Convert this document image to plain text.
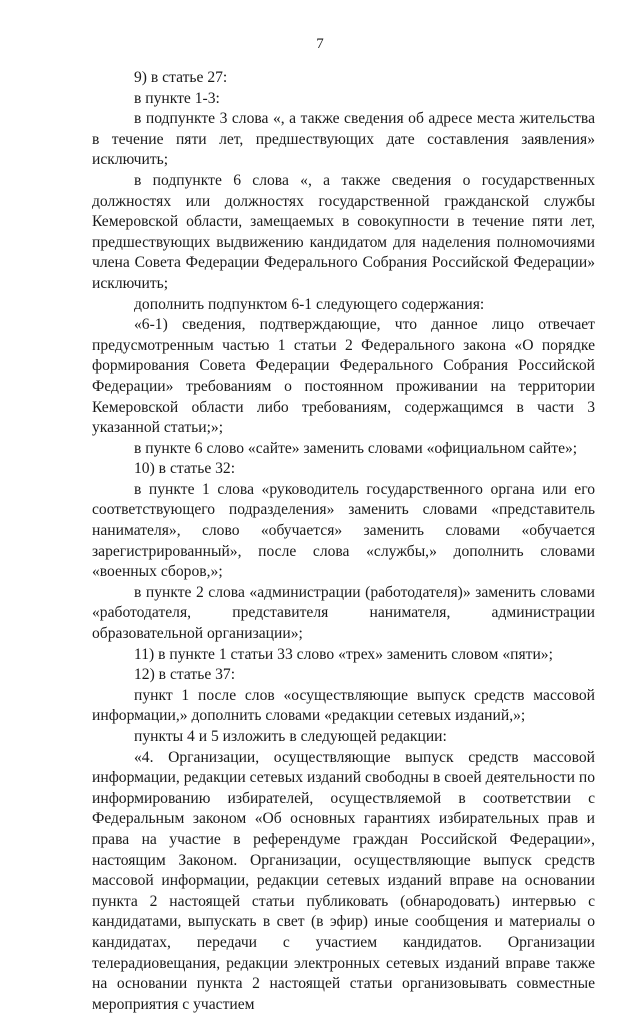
7

9) в статье 27:

в пункте 1-3:

в подпункте 3 слова «, а также сведения об адресе места жительства в течение пяти лет, предшествующих дате составления заявления» исключить;

в подпункте 6 слова «, а также сведения о государственных должностях или должностях государственной гражданской службы Кемеровской области, замещаемых в совокупности в течение пяти лет, предшествующих выдвижению кандидатом для наделения полномочиями члена Совета Федерации Федерального Собрания Российской Федерации» исключить;

дополнить подпунктом 6-1 следующего содержания:

«6-1) сведения, подтверждающие, что данное лицо отвечает предусмотренным частью 1 статьи 2 Федерального закона «О порядке формирования Совета Федерации Федерального Собрания Российской Федерации» требованиям о постоянном проживании на территории Кемеровской области либо требованиям, содержащимся в части 3 указанной статьи;»;

в пункте 6 слово «сайте» заменить словами «официальном сайте»;

10) в статье 32:

в пункте 1 слова «руководитель государственного органа или его соответствующего подразделения» заменить словами «представитель нанимателя», слово «обучается» заменить словами «обучается зарегистрированный», после слова «службы,» дополнить словами «военных сборов,»;

в пункте 2 слова «администрации (работодателя)» заменить словами «работодателя, представителя нанимателя, администрации образовательной организации»;

11) в пункте 1 статьи 33 слово «трех» заменить словом «пяти»;

12) в статье 37:

пункт 1 после слов «осуществляющие выпуск средств массовой информации,» дополнить словами «редакции сетевых изданий,»;

пункты 4 и 5 изложить в следующей редакции:

«4. Организации, осуществляющие выпуск средств массовой информации, редакции сетевых изданий свободны в своей деятельности по информированию избирателей, осуществляемой в соответствии с Федеральным законом «Об основных гарантиях избирательных прав и права на участие в референдуме граждан Российской Федерации», настоящим Законом. Организации, осуществляющие выпуск средств массовой информации, редакции сетевых изданий вправе на основании пункта 2 настоящей статьи публиковать (обнародовать) интервью с кандидатами, выпускать в свет (в эфир) иные сообщения и материалы о кандидатах, передачи с участием кандидатов. Организации телерадиовещания, редакции электронных сетевых изданий вправе также на основании пункта 2 настоящей статьи организовывать совместные мероприятия с участием
